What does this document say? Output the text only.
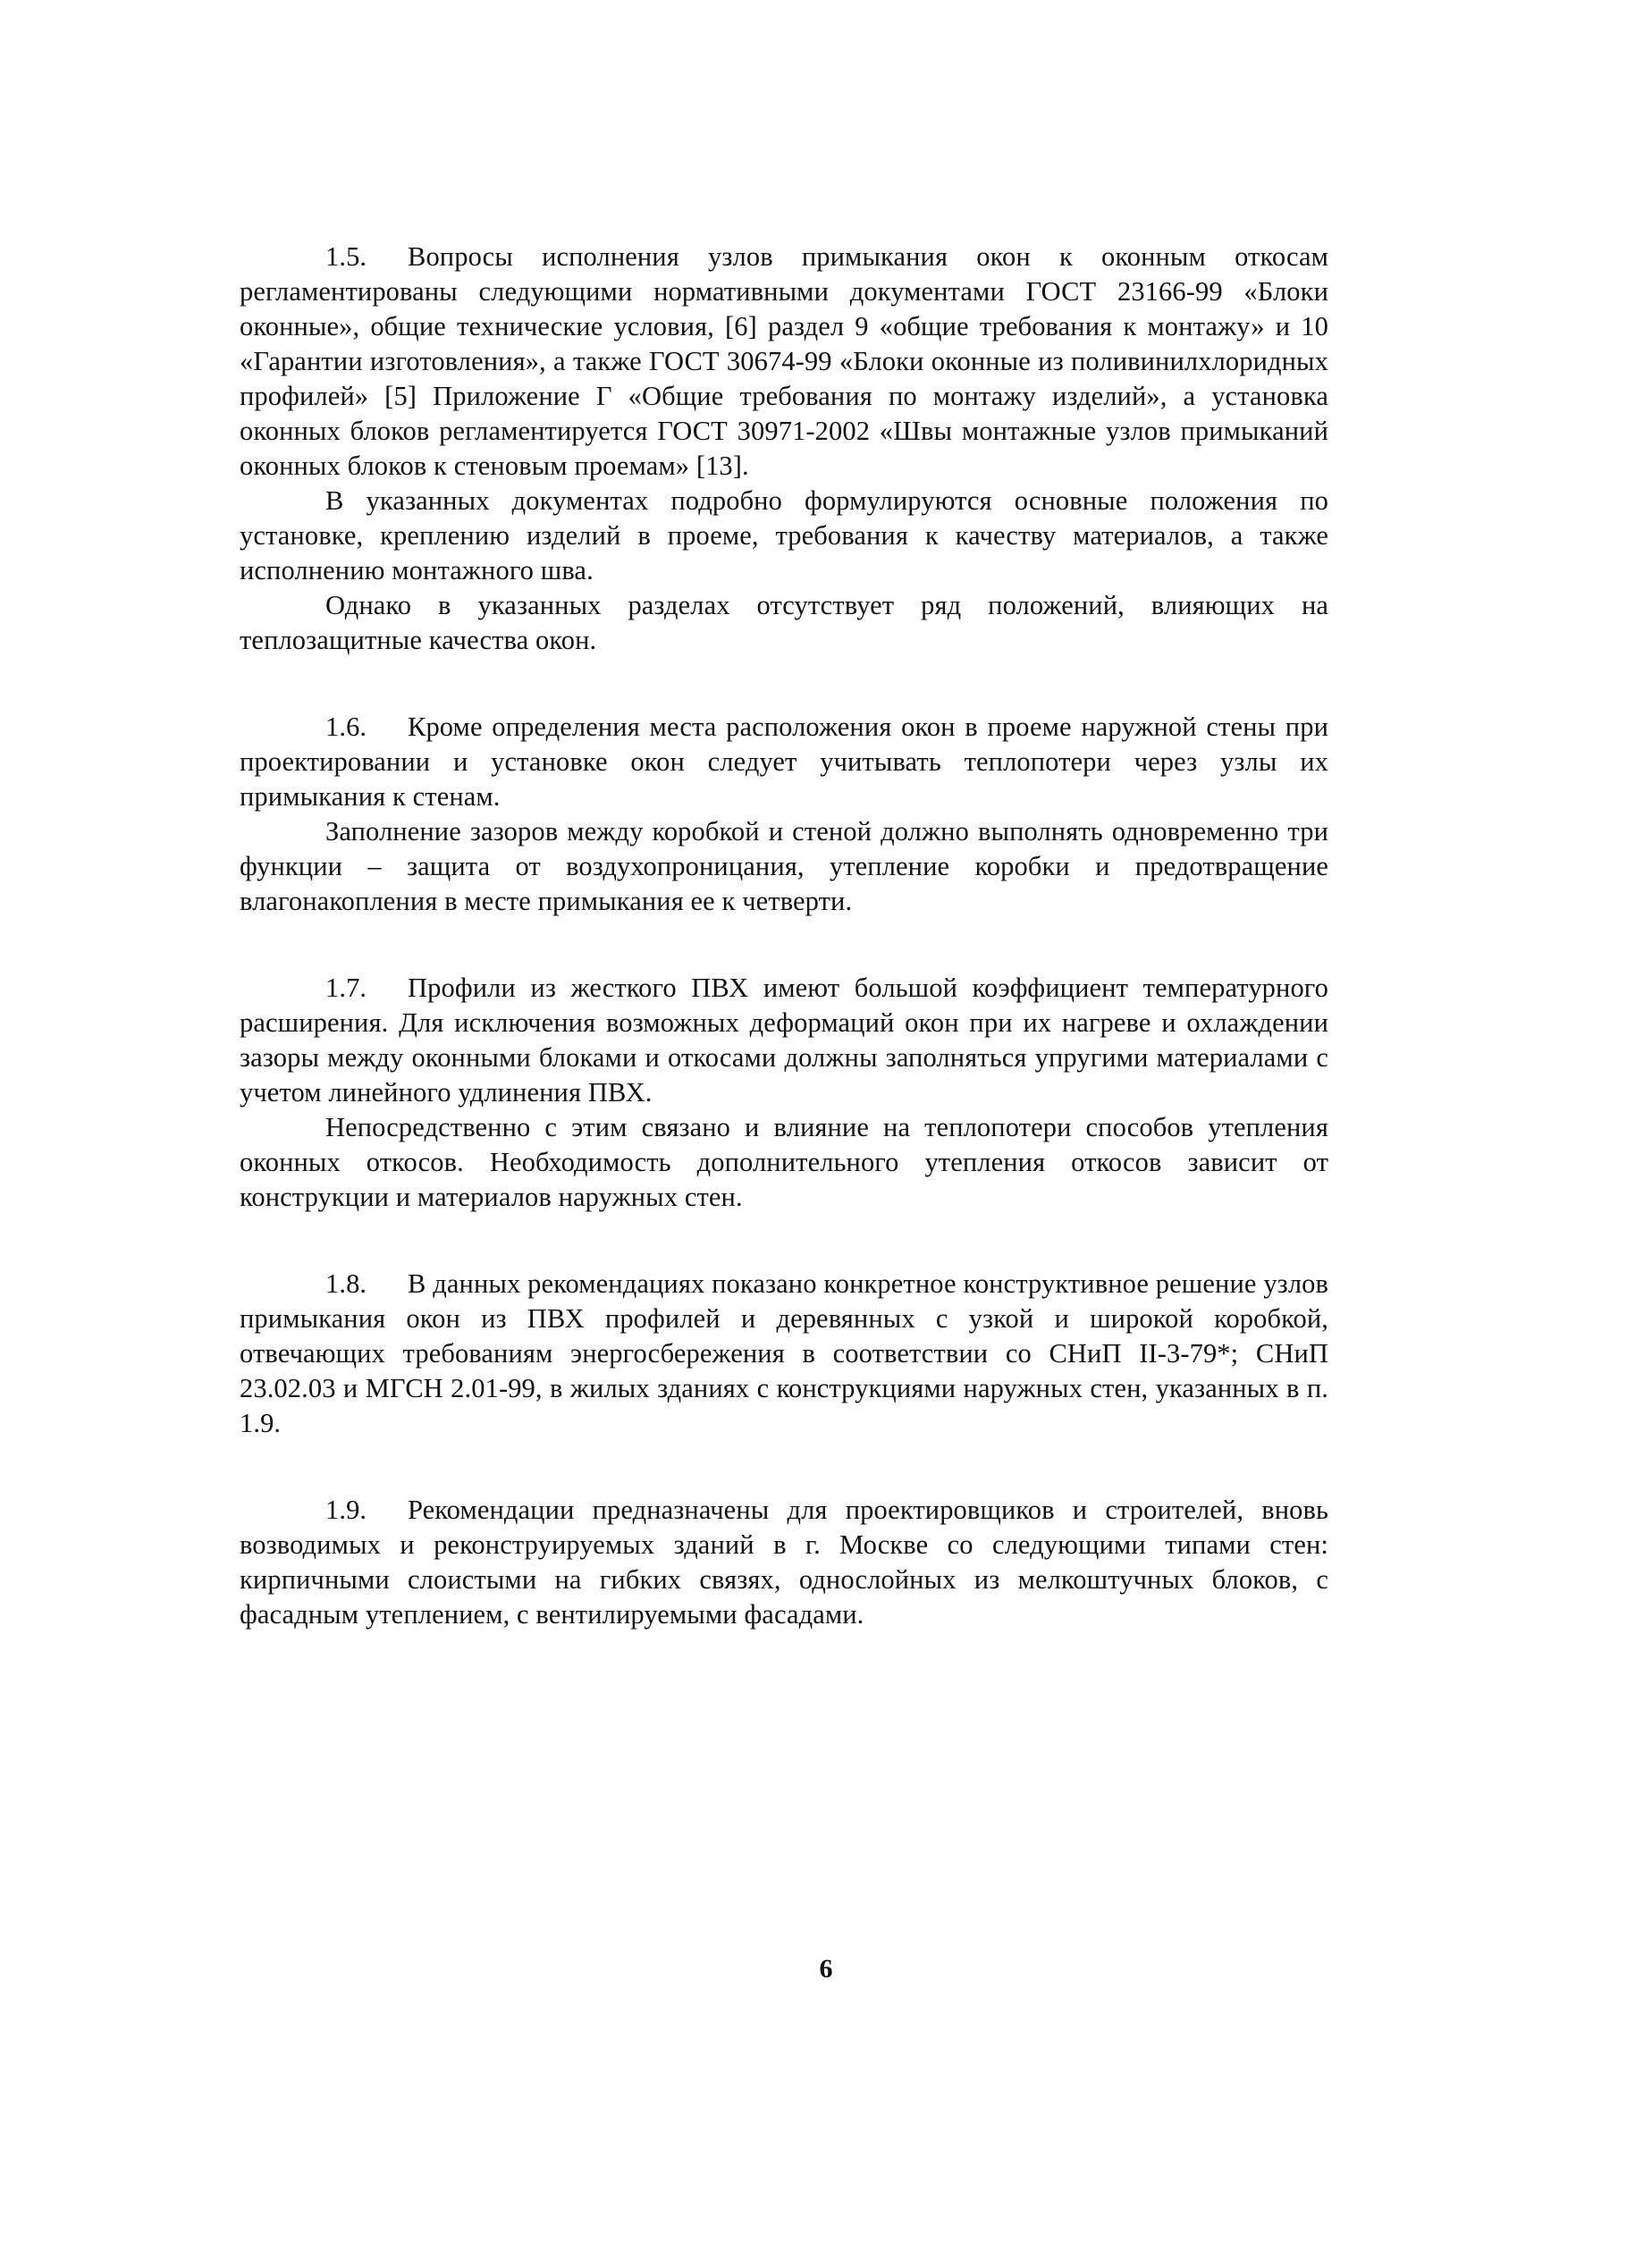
1.5. Вопросы исполнения узлов примыкания окон к оконным откосам регламентированы следующими нормативными документами ГОСТ 23166-99 «Блоки оконные», общие технические условия, [6] раздел 9 «общие требования к монтажу» и 10 «Гарантии изготовления», а также ГОСТ 30674-99 «Блоки оконные из поливинилхлоридных профилей» [5] Приложение Г «Общие требования по монтажу изделий», а установка оконных блоков регламентируется ГОСТ 30971-2002 «Швы монтажные узлов примыканий оконных блоков к стеновым проемам» [13].

В указанных документах подробно формулируются основные положения по установке, креплению изделий в проеме, требования к качеству материалов, а также исполнению монтажного шва.

Однако в указанных разделах отсутствует ряд положений, влияющих на теплозащитные качества окон.

1.6. Кроме определения места расположения окон в проеме наружной стены при проектировании и установке окон следует учитывать теплопотери через узлы их примыкания к стенам.

Заполнение зазоров между коробкой и стеной должно выполнять одновременно три функции – защита от воздухопроницания, утепление коробки и предотвращение влагонакопления в месте примыкания ее к четверти.

1.7. Профили из жесткого ПВХ имеют большой коэффициент температурного расширения. Для исключения возможных деформаций окон при их нагреве и охлаждении зазоры между оконными блоками и откосами должны заполняться упругими материалами с учетом линейного удлинения ПВХ.

Непосредственно с этим связано и влияние на теплопотери способов утепления оконных откосов. Необходимость дополнительного утепления откосов зависит от конструкции и материалов наружных стен.

1.8. В данных рекомендациях показано конкретное конструктивное решение узлов примыкания окон из ПВХ профилей и деревянных с узкой и широкой коробкой, отвечающих требованиям энергосбережения в соответствии со СНиП II-3-79*; СНиП 23.02.03 и МГСН 2.01-99, в жилых зданиях с конструкциями наружных стен, указанных в п. 1.9.

1.9. Рекомендации предназначены для проектировщиков и строителей, вновь возводимых и реконструируемых зданий в г. Москве со следующими типами стен: кирпичными слоистыми на гибких связях, однослойных из мелкоштучных блоков, с фасадным утеплением, с вентилируемыми фасадами.

6
